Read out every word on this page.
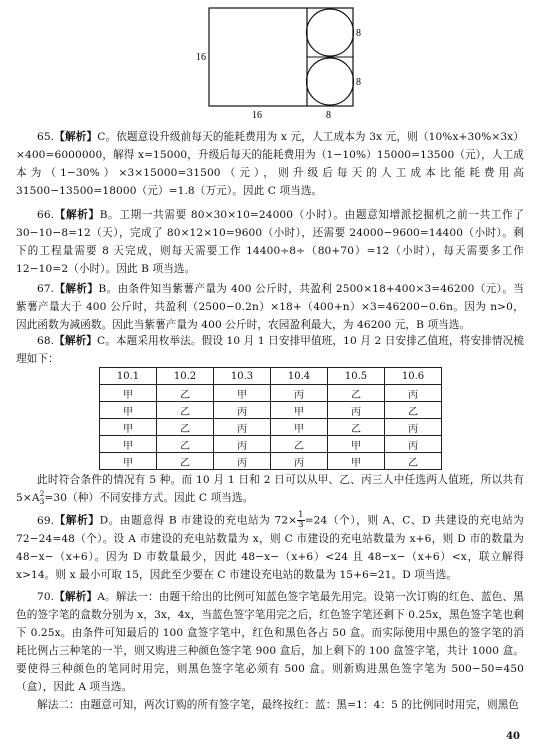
16
16	8
8
8
65.【解析】C。依题意设升级前每天的能耗费用为 x 元，人工成本为 3x 元，则（10%x+30%×3x）×400=6000000，解得 x=15000，升级后每天的能耗费用为（1−10%）15000=13500（元），人工成本为（1−30%）×3×15000=31500（元），则升级后每天的人工成本比能耗费用高 31500−13500=18000（元）=1.8（万元）。因此 C 项当选。
66.【解析】B。工期一共需要 80×30×10=24000（小时）。由题意知增派挖掘机之前一共工作了 30−10−8=12（天），完成了 80×12×10=9600（小时），还需要 24000−9600=14400（小时）。剩下的工程量需要 8 天完成，则每天需要工作 14400÷8÷（80+70）=12（小时），每天需要多工作 12−10=2（小时）。因此 B 项当选。
67.【解析】B。由条件知当紫薯产量为 400 公斤时，共盈利 2500×18+400×3=46200（元）。当紫薯产量大于 400 公斤时，共盈利（2500−0.2n）×18+（400+n）×3=46200−0.6n。因为 n>0，因此函数为减函数。因此当紫薯产量为 400 公斤时，农园盈利最大，为 46200 元，B 项当选。
68.【解析】C。本题采用枚举法。假设 10 月 1 日安排甲值班，10 月 2 日安排乙值班，将安排情况梳理如下：
10.1	10.2	10.3	10.4	10.5	10.6
甲	乙	甲	丙	乙	丙
甲	乙	丙	甲	丙	乙
甲	乙	丙	甲	乙	丙
甲	乙	丙	乙	甲	丙
甲	乙	丙	丙	甲	乙
此时符合条件的情况有 5 种。而 10 月 1 日和 2 日可以从甲、乙、丙三人中任选两人值班，所以共有 5×A 2
3 =30（种）不同安排方式。因此 C 项当选。
69.【解析】D。由题意得 B 市建设的充电站为 $72\times \frac{1}{3} =24$（个），则 A、C、D 共建设的充电站为 72−24=48（个）。设 A 市建设的充电站数量为 x，则 C 市建设的充电站数量为 x+6，则 D 市的数量为 48−x−（x+6）。因为 D 市数量最少，因此 48−x−（x+6）<24 且 48−x−（x+6）<x，联立解得 x>14。则 x 最小可取 15，因此至少要在 C 市建设充电站的数量为 15+6=21。D 项当选。
70.【解析】A。解法一：由题干给出的比例可知蓝色签字笔最先用完。设第一次订购的红色、蓝色、黑色的签字笔的盒数分别为 x，3x，4x，当蓝色签字笔用完之后，红色签字笔还剩下 0.25x，黑色签字笔也剩下 0.25x。由条件可知最后的 100 盒签字笔中，红色和黑色各占 50 盒。而实际使用中黑色的签字笔的消耗比例占三种笔的一半，则又购进三种颜色签字笔 900 盒后，加上剩下的 100 盒签字笔，共计 1000 盒。要使得三种颜色的笔同时用完，则黑色签字笔必须有 500 盒。则新购进黑色签字笔为 500−50=450（盒），因此 A 项当选。
解法二：由题意可知，两次订购的所有签字笔，最终按红：蓝：黑=1：4：5 的比例同时用完，则黑色
40
